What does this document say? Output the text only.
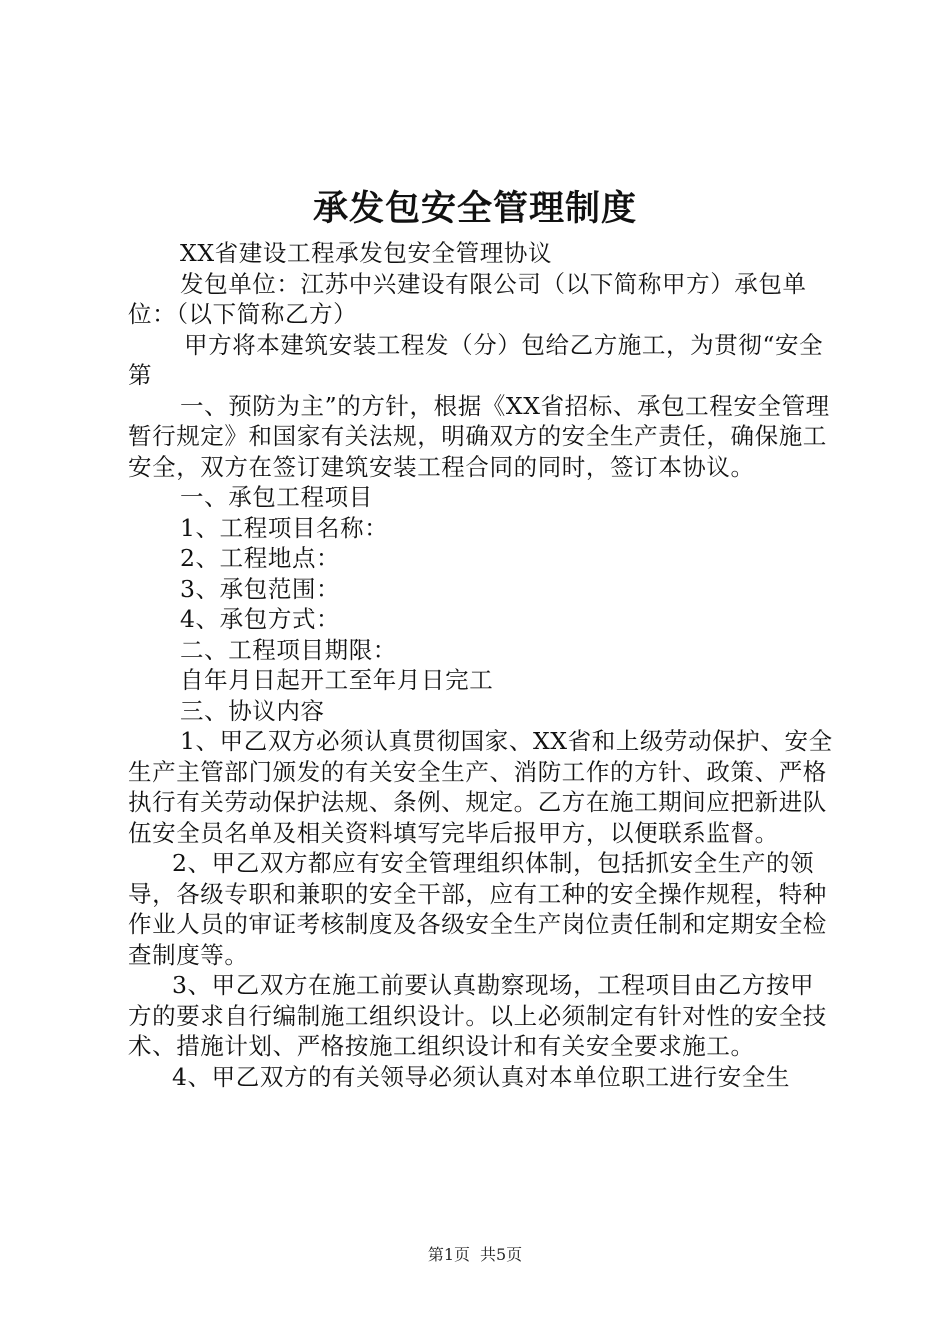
承发包安全管理制度

XX省建设工程承发包安全管理协议

发包单位：江苏中兴建设有限公司（以下简称甲方）承包单位：（以下简称乙方）

甲方将本建筑安装工程发（分）包给乙方施工，为贯彻“安全第

一、预防为主”的方针，根据《XX省招标、承包工程安全管理暂行规定》和国家有关法规，明确双方的安全生产责任，确保施工安全，双方在签订建筑安装工程合同的同时，签订本协议。

一、承包工程项目

1、工程项目名称：

2、工程地点：

3、承包范围：

4、承包方式：

二、工程项目期限：

自年月日起开工至年月日完工

三、协议内容

1、甲乙双方必须认真贯彻国家、XX省和上级劳动保护、安全生产主管部门颁发的有关安全生产、消防工作的方针、政策、严格执行有关劳动保护法规、条例、规定。乙方在施工期间应把新进队伍安全员名单及相关资料填写完毕后报甲方，以便联系监督。

2、甲乙双方都应有安全管理组织体制，包括抓安全生产的领导，各级专职和兼职的安全干部，应有工种的安全操作规程，特种作业人员的审证考核制度及各级安全生产岗位责任制和定期安全检查制度等。

3、甲乙双方在施工前要认真勘察现场，工程项目由乙方按甲方的要求自行编制施工组织设计。以上必须制定有针对性的安全技术、措施计划、严格按施工组织设计和有关安全要求施工。

4、甲乙双方的有关领导必须认真对本单位职工进行安全生

第1页 共5页
